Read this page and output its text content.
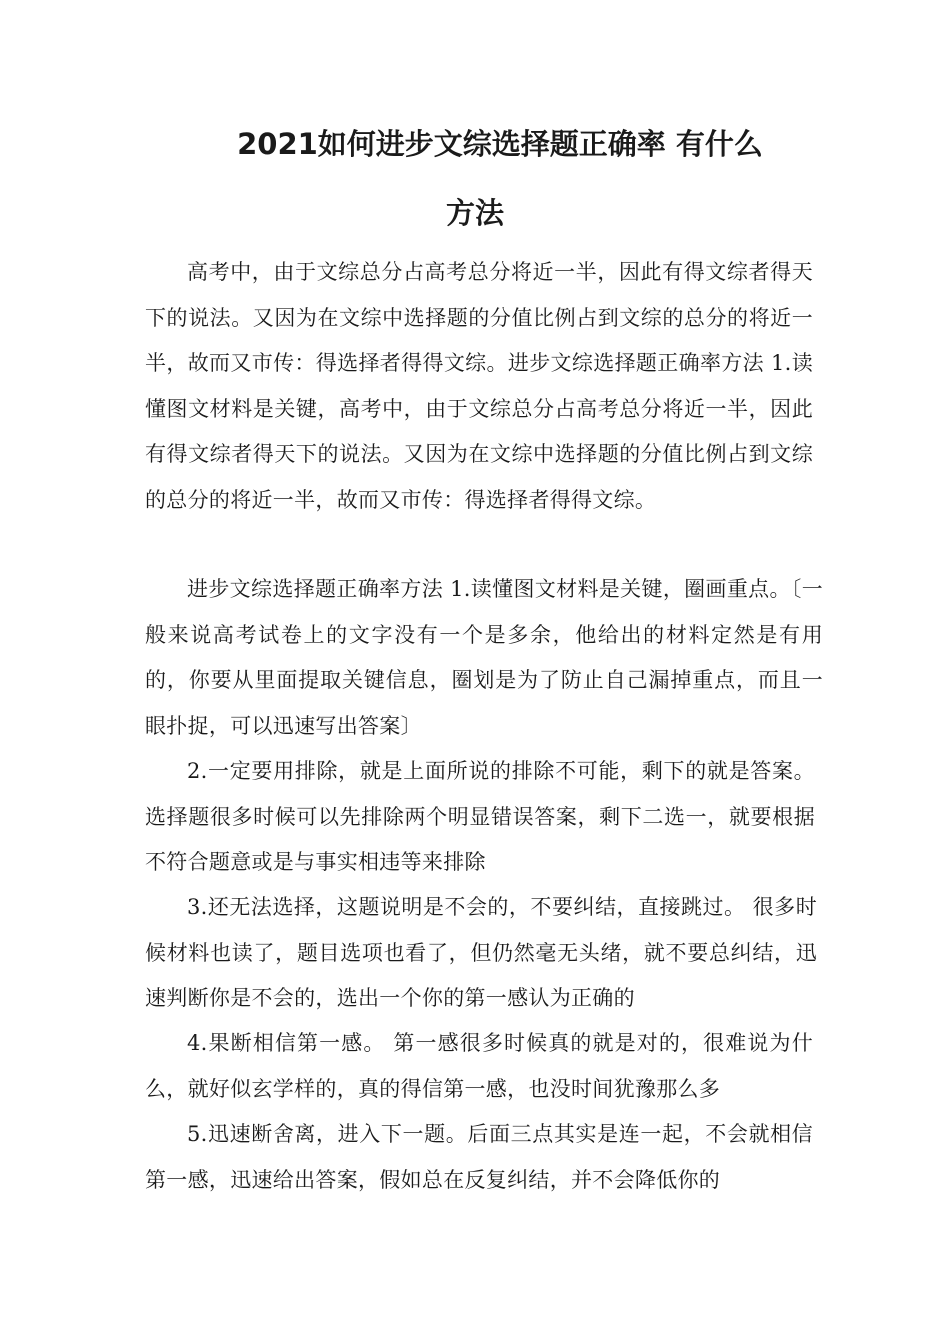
2021如何进步文综选择题正确率 有什么
方法

高考中，由于文综总分占高考总分将近一半，因此有得文综者得天下的说法。又因为在文综中选择题的分值比例占到文综的总分的将近一半，故而又市传：得选择者得得文综。进步文综选择题正确率方法 1.读懂图文材料是关键，高考中，由于文综总分占高考总分将近一半，因此有得文综者得天下的说法。又因为在文综中选择题的分值比例占到文综的总分的将近一半，故而又市传：得选择者得得文综。

进步文综选择题正确率方法 1.读懂图文材料是关键，圈画重点。〔一般来说高考试卷上的文字没有一个是多余，他给出的材料定然是有用的，你要从里面提取关键信息，圈划是为了防止自己漏掉重点，而且一眼扑捉，可以迅速写出答案〕

2.一定要用排除，就是上面所说的排除不可能，剩下的就是答案。选择题很多时候可以先排除两个明显错误答案，剩下二选一，就要根据不符合题意或是与事实相违等来排除

3.还无法选择，这题说明是不会的，不要纠结，直接跳过。 很多时候材料也读了，题目选项也看了，但仍然毫无头绪，就不要总纠结，迅速判断你是不会的，选出一个你的第一感认为正确的

4.果断相信第一感。 第一感很多时候真的就是对的，很难说为什么，就好似玄学样的，真的得信第一感，也没时间犹豫那么多

5.迅速断舍离，进入下一题。后面三点其实是连一起，不会就相信第一感，迅速给出答案，假如总在反复纠结，并不会降低你的
